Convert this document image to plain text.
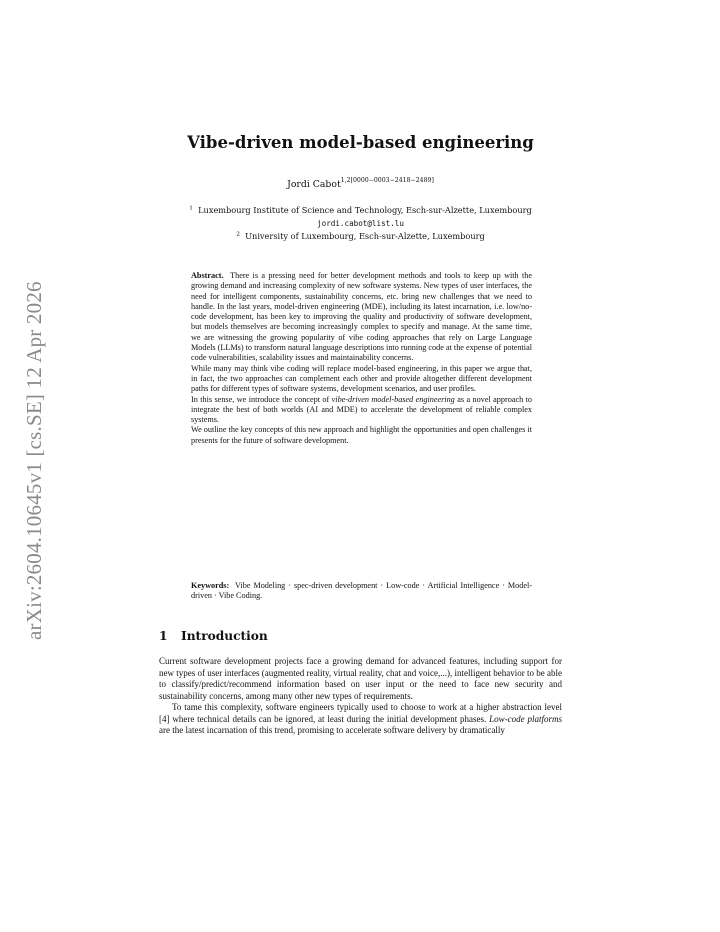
arXiv:2604.10645v1 [cs.SE] 12 Apr 2026
Vibe-driven model-based engineering
Jordi Cabot$^{1,2[0000-0003-2418-2489]}$
$^1$ Luxembourg Institute of Science and Technology, Esch-sur-Alzette, Luxembourg
jordi.cabot@list.lu
$^2$ University of Luxembourg, Esch-sur-Alzette, Luxembourg

Abstract. There is a pressing need for better development methods and tools to keep up with the growing demand and increasing complexity of new software systems. New types of user interfaces, the need for intelligent components, sustainability concerns, etc. bring new challenges that we need to handle. In the last years, model-driven engineering (MDE), including its latest incarnation, i.e. low/no-code development, has been key to improving the quality and productivity of software development, but models themselves are becoming increasingly complex to specify and manage. At the same time, we are witnessing the growing popularity of vibe coding approaches that rely on Large Language Models (LLMs) to transform natural language descriptions into running code at the expense of potential code vulnerabilities, scalability issues and maintainability concerns.

While many may think vibe coding will replace model-based engineering, in this paper we argue that, in fact, the two approaches can complement each other and provide altogether different development paths for different types of software systems, development scenarios, and user profiles.

In this sense, we introduce the concept of vibe-driven model-based engineering as a novel approach to integrate the best of both worlds (AI and MDE) to accelerate the development of reliable complex systems.

We outline the key concepts of this new approach and highlight the opportunities and open challenges it presents for the future of software development.

Keywords: Vibe Modeling · spec-driven development · Low-code · Artificial Intelligence · Model-driven · Vibe Coding.
1 Introduction

Current software development projects face a growing demand for advanced features, including support for new types of user interfaces (augmented reality, virtual reality, chat and voice,...), intelligent behavior to be able to classify/predict/recommend information based on user input or the need to face new security and sustainability concerns, among many other new types of requirements.

To tame this complexity, software engineers typically used to choose to work at a higher abstraction level [4] where technical details can be ignored, at least during the initial development phases. Low-code platforms are the latest incarnation of this trend, promising to accelerate software delivery by dramatically
